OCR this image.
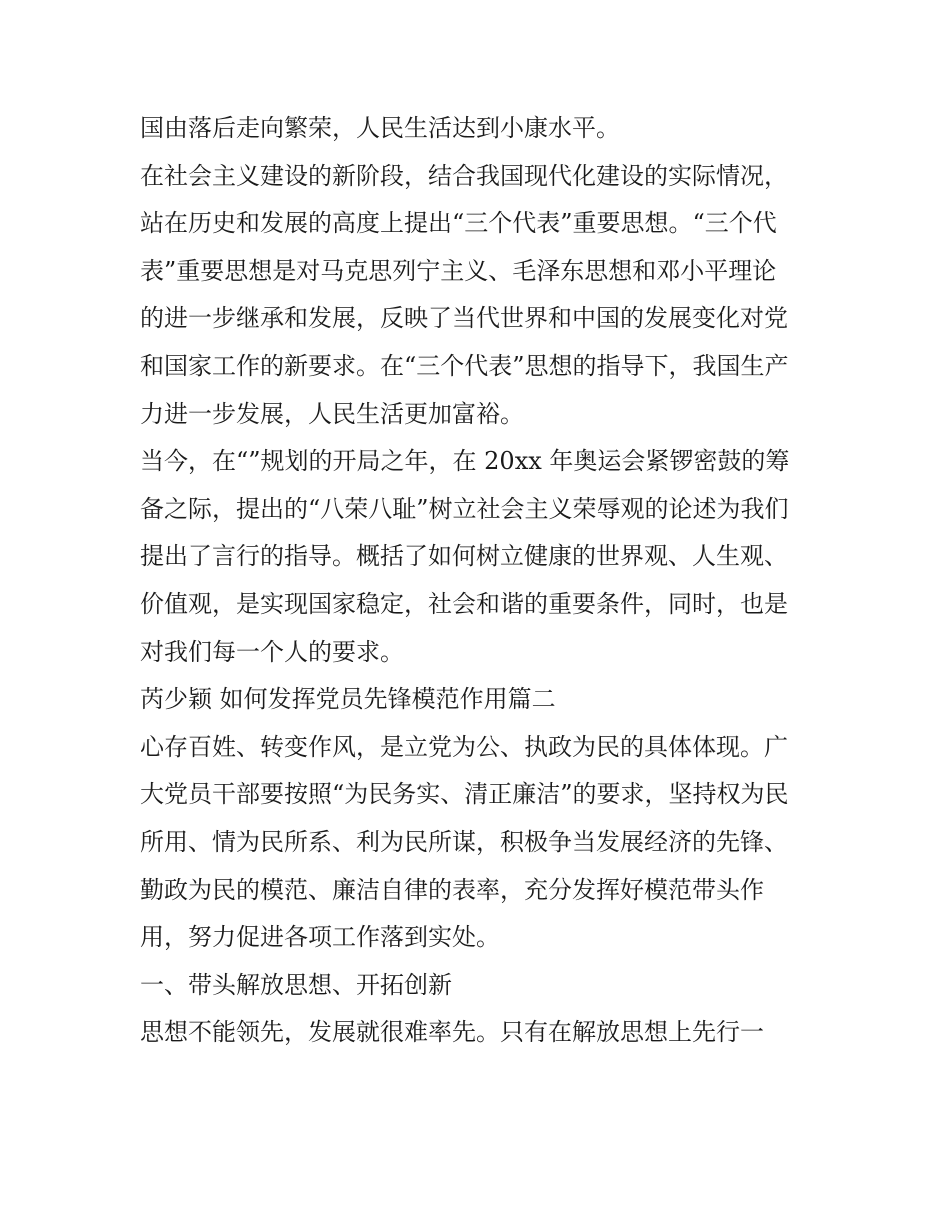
国由落后走向繁荣，人民生活达到小康水平。
在社会主义建设的新阶段，结合我国现代化建设的实际情况，
站在历史和发展的高度上提出“三个代表”重要思想。“三个代
表”重要思想是对马克思列宁主义、毛泽东思想和邓小平理论
的进一步继承和发展，反映了当代世界和中国的发展变化对党
和国家工作的新要求。在“三个代表”思想的指导下，我国生产
力进一步发展，人民生活更加富裕。
当今，在“”规划的开局之年，在 20xx 年奥运会紧锣密鼓的筹
备之际，提出的“八荣八耻”树立社会主义荣辱观的论述为我们
提出了言行的指导。概括了如何树立健康的世界观、人生观、
价值观，是实现国家稳定，社会和谐的重要条件，同时，也是
对我们每一个人的要求。
芮少颖 如何发挥党员先锋模范作用篇二
心存百姓、转变作风，是立党为公、执政为民的具体体现。广
大党员干部要按照“为民务实、清正廉洁”的要求，坚持权为民
所用、情为民所系、利为民所谋，积极争当发展经济的先锋、
勤政为民的模范、廉洁自律的表率，充分发挥好模范带头作
用，努力促进各项工作落到实处。
一、带头解放思想、开拓创新
思想不能领先，发展就很难率先。只有在解放思想上先行一
